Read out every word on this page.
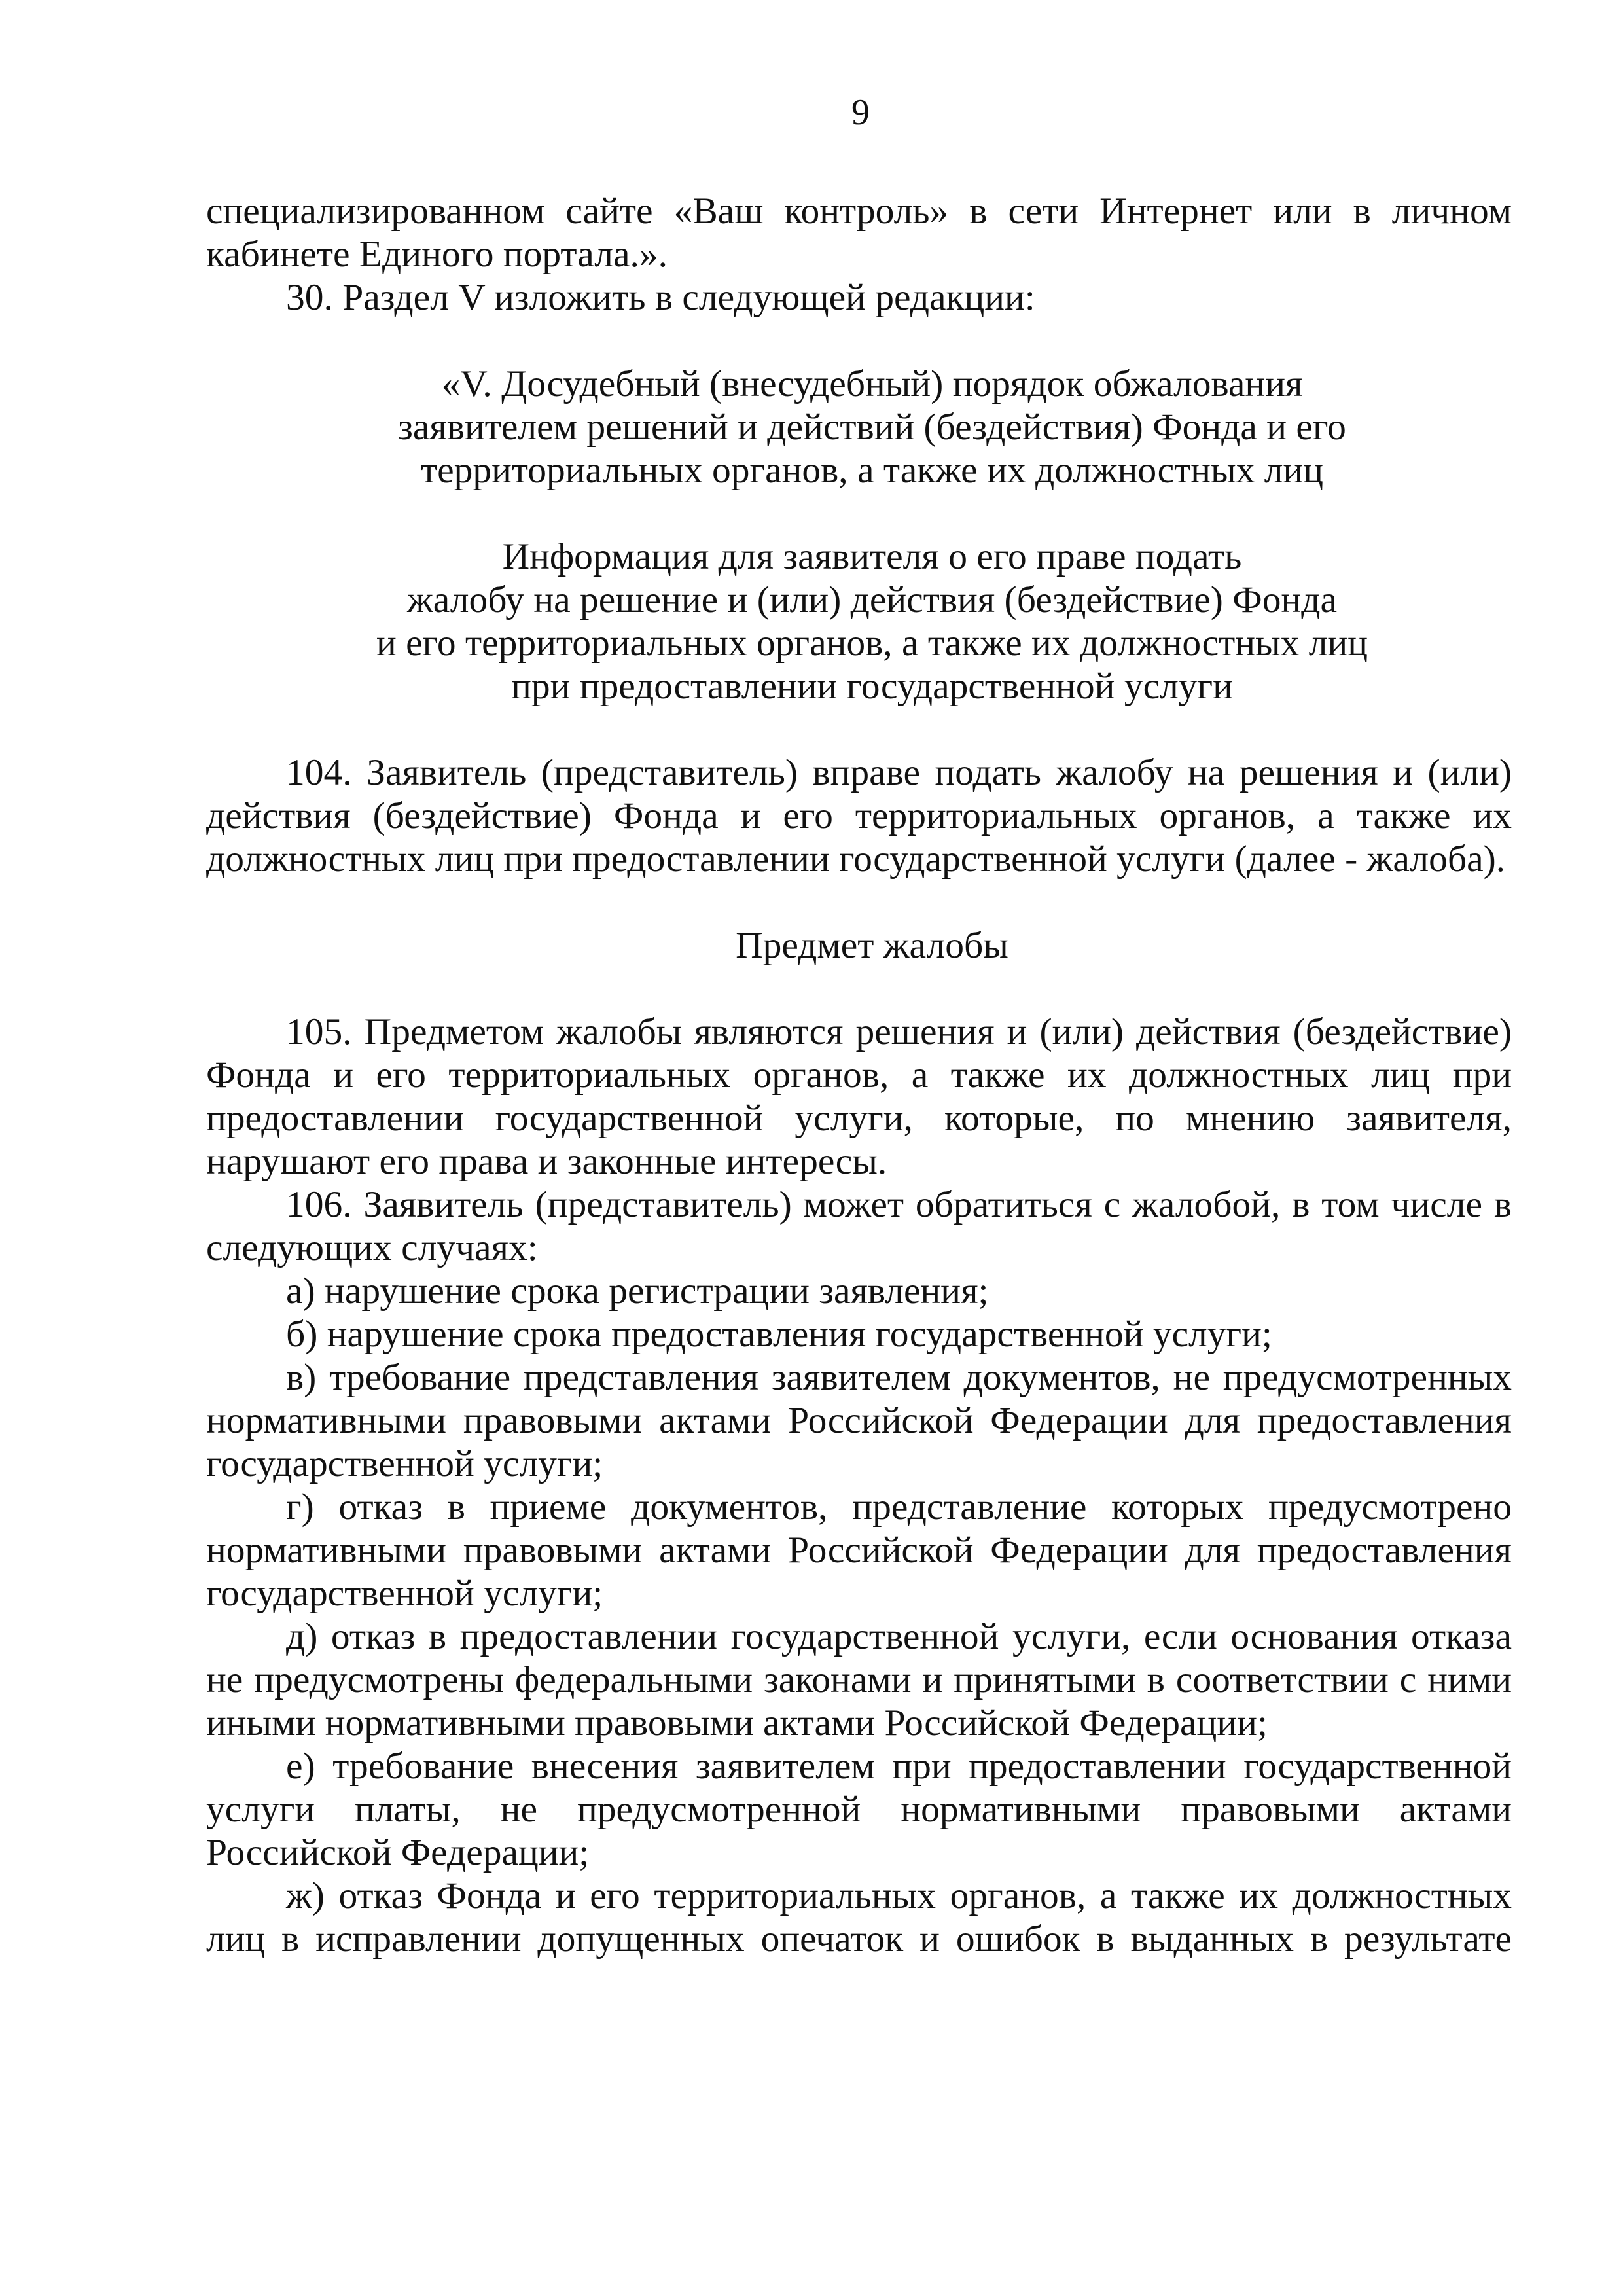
9

специализированном сайте «Ваш контроль» в сети Интернет или в личном кабинете Единого портала.».

30. Раздел V изложить в следующей редакции:

«V. Досудебный (внесудебный) порядок обжалования
заявителем решений и действий (бездействия) Фонда и его
территориальных органов, а также их должностных лиц
Информация для заявителя о его праве подать
жалобу на решение и (или) действия (бездействие) Фонда
и его территориальных органов, а также их должностных лиц
при предоставлении государственной услуги

104. Заявитель (представитель) вправе подать жалобу на решения и (или) действия (бездействие) Фонда и его территориальных органов, а также их должностных лиц при предоставлении государственной услуги (далее - жалоба).

Предмет жалобы

105. Предметом жалобы являются решения и (или) действия (бездействие) Фонда и его территориальных органов, а также их должностных лиц при предоставлении государственной услуги, которые, по мнению заявителя, нарушают его права и законные интересы.

106. Заявитель (представитель) может обратиться с жалобой, в том числе в следующих случаях:

а) нарушение срока регистрации заявления;

б) нарушение срока предоставления государственной услуги;

в) требование представления заявителем документов, не предусмотренных нормативными правовыми актами Российской Федерации для предоставления государственной услуги;

г) отказ в приеме документов, представление которых предусмотрено нормативными правовыми актами Российской Федерации для предоставления государственной услуги;

д) отказ в предоставлении государственной услуги, если основания отказа не предусмотрены федеральными законами и принятыми в соответствии с ними иными нормативными правовыми актами Российской Федерации;

е) требование внесения заявителем при предоставлении государственной услуги платы, не предусмотренной нормативными правовыми актами Российской Федерации;

ж) отказ Фонда и его территориальных органов, а также их должностных лиц в исправлении допущенных опечаток и ошибок в выданных в результате
